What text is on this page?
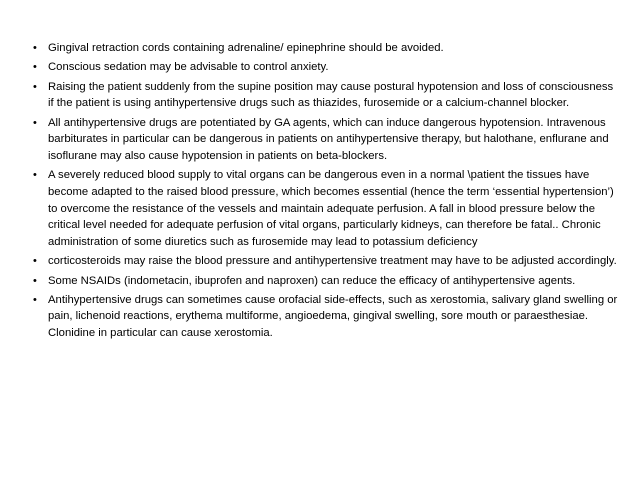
• Gingival retraction cords containing adrenaline/ epinephrine should be avoided.
• Conscious sedation may be advisable to control anxiety.
• Raising the patient suddenly from the supine position may cause postural hypotension and loss of consciousness if the patient is using antihypertensive drugs such as thiazides, furosemide or a calcium-channel blocker.
• All antihypertensive drugs are potentiated by GA agents, which can induce dangerous hypotension. Intravenous barbiturates in particular can be dangerous in patients on antihypertensive therapy, but halothane, enflurane and isoflurane may also cause hypotension in patients on beta-blockers.
• A severely reduced blood supply to vital organs can be dangerous even in a normal \patient the tissues have become adapted to the raised blood pressure, which becomes essential (hence the term ‘essential hypertension’) to overcome the resistance of the vessels and maintain adequate perfusion. A fall in blood pressure below the critical level needed for adequate perfusion of vital organs, particularly kidneys, can therefore be fatal.. Chronic administration of some diuretics such as furosemide may lead to potassium deficiency
• corticosteroids may raise the blood pressure and antihypertensive treatment may have to be adjusted accordingly.
• Some NSAIDs (indometacin, ibuprofen and naproxen) can reduce the efficacy of antihypertensive agents.
• Antihypertensive drugs can sometimes cause orofacial side-effects, such as xerostomia, salivary gland swelling or pain, lichenoid reactions, erythema multiforme, angioedema, gingival swelling, sore mouth or paraesthesiae. Clonidine in particular can cause xerostomia.
